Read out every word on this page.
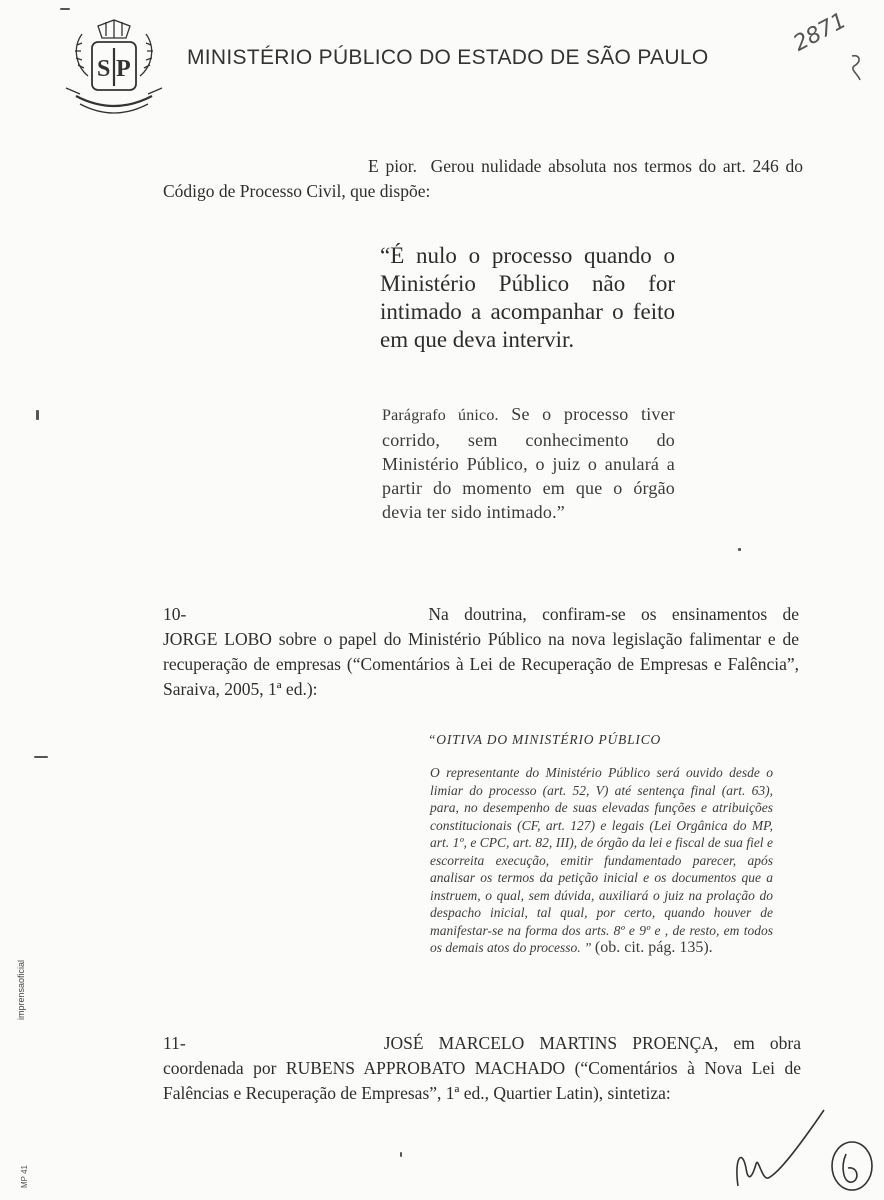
S P	MINISTÉRIO PÚBLICO DO ESTADO DE SÃO PAULO
2871
E pior. Gerou nulidade absoluta nos termos do art. 246 do Código de Processo Civil, que dispõe:
“É nulo o processo quando o Ministério Público não for intimado a acompanhar o feito em que deva intervir.
Parágrafo único. Se o processo tiver corrido, sem conhecimento do Ministério Público, o juiz o anulará a partir do momento em que o órgão devia ter sido intimado.”
10-	Na doutrina, confiram-se os ensinamentos de JORGE LOBO sobre o papel do Ministério Público na nova legislação falimentar e de recuperação de empresas (“Comentários à Lei de Recuperação de Empresas e Falência”, Saraiva, 2005, 1ª ed.):
“OITIVA DO MINISTÉRIO PÚBLICO
O representante do Ministério Público será ouvido desde o limiar do processo (art. 52, V) até sentença final (art. 63), para, no desempenho de suas elevadas funções e atribuições constitucionais (CF, art. 127) e legais (Lei Orgânica do MP, art. 1º, e CPC, art. 82, III), de órgão da lei e fiscal de sua fiel e escorreita execução, emitir fundamentado parecer, após analisar os termos da petição inicial e os documentos que a instruem, o qual, sem dúvida, auxiliará o juiz na prolação do despacho inicial, tal qual, por certo, quando houver de manifestar-se na forma dos arts. 8º e 9º e , de resto, em todos os demais atos do processo. ” (ob. cit. pág. 135).
11-	JOSÉ MARCELO MARTINS PROENÇA, em obra coordenada por RUBENS APPROBATO MACHADO (“Comentários à Nova Lei de Falências e Recuperação de Empresas”, 1ª ed., Quartier Latin), sintetiza:
imprensaoficial
MP 41
